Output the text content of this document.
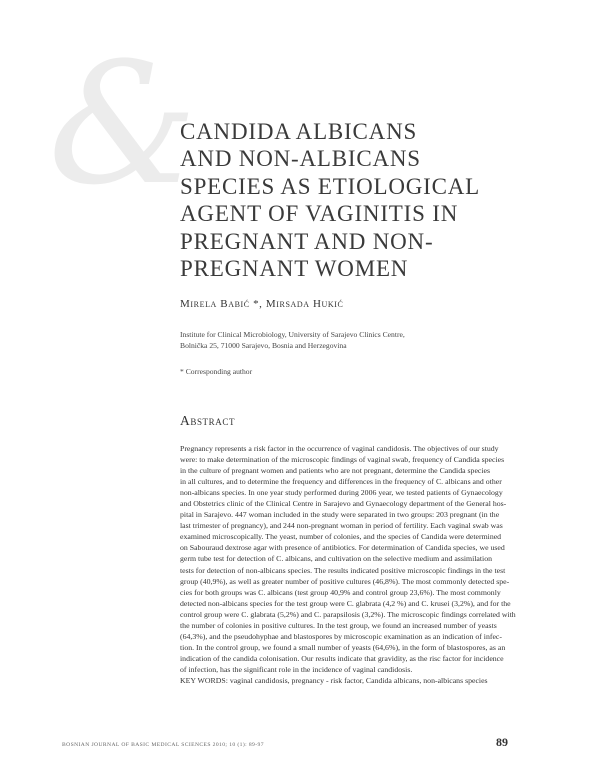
&
CANDIDA ALBICANS
AND NON-ALBICANS
SPECIES AS ETIOLOGICAL
AGENT OF VAGINITIS IN
PREGNANT AND NON-
PREGNANT WOMEN
Mirela Babić *, Mirsada Hukić
Institute for Clinical Microbiology, University of Sarajevo Clinics Centre,
Bolnička 25, 71000 Sarajevo, Bosnia and Herzegovina
* Corresponding author
Abstract
Pregnancy represents a risk factor in the occurrence of vaginal candidosis. The objectives of our study
were: to make determination of the microscopic findings of vaginal swab, frequency of Candida species
in the culture of pregnant women and patients who are not pregnant, determine the Candida species
in all cultures, and to determine the frequency and differences in the frequency of C. albicans and other
non-albicans species. In one year study performed during 2006 year, we tested patients of Gynaecology
and Obstetrics clinic of the Clinical Centre in Sarajevo and Gynaecology department of the General hos-
pital in Sarajevo. 447 woman included in the study were separated in two groups: 203 pregnant (in the
last trimester of pregnancy), and 244 non-pregnant woman in period of fertility. Each vaginal swab was
examined microscopically. The yeast, number of colonies, and the species of Candida were determined
on Sabouraud dextrose agar with presence of antibiotics. For determination of Candida species, we used
germ tube test for detection of C. albicans, and cultivation on the selective medium and assimilation
tests for detection of non-albicans species. The results indicated positive microscopic findings in the test
group (40,9%), as well as greater number of positive cultures (46,8%). The most commonly detected spe-
cies for both groups was C. albicans (test group 40,9% and control group 23,6%). The most commonly
detected non-albicans species for the test group were C. glabrata (4,2 %) and C. krusei (3,2%), and for the
control group were C. glabrata (5,2%) and C. parapsilosis (3,2%). The microscopic findings correlated with
the number of colonies in positive cultures. In the test group, we found an increased number of yeasts
(64,3%), and the pseudohyphae and blastospores by microscopic examination as an indication of infec-
tion. In the control group, we found a small number of yeasts (64,6%), in the form of blastospores, as an
indication of the candida colonisation. Our results indicate that gravidity, as the risc factor for incidence
of infection, has the significant role in the incidence of vaginal candidosis.
KEY WORDS: vaginal candidosis, pregnancy - risk factor, Candida albicans, non-albicans species
BOSNIAN JOURNAL OF BASIC MEDICAL SCIENCES 2010; 10 (1): 89-97	89
